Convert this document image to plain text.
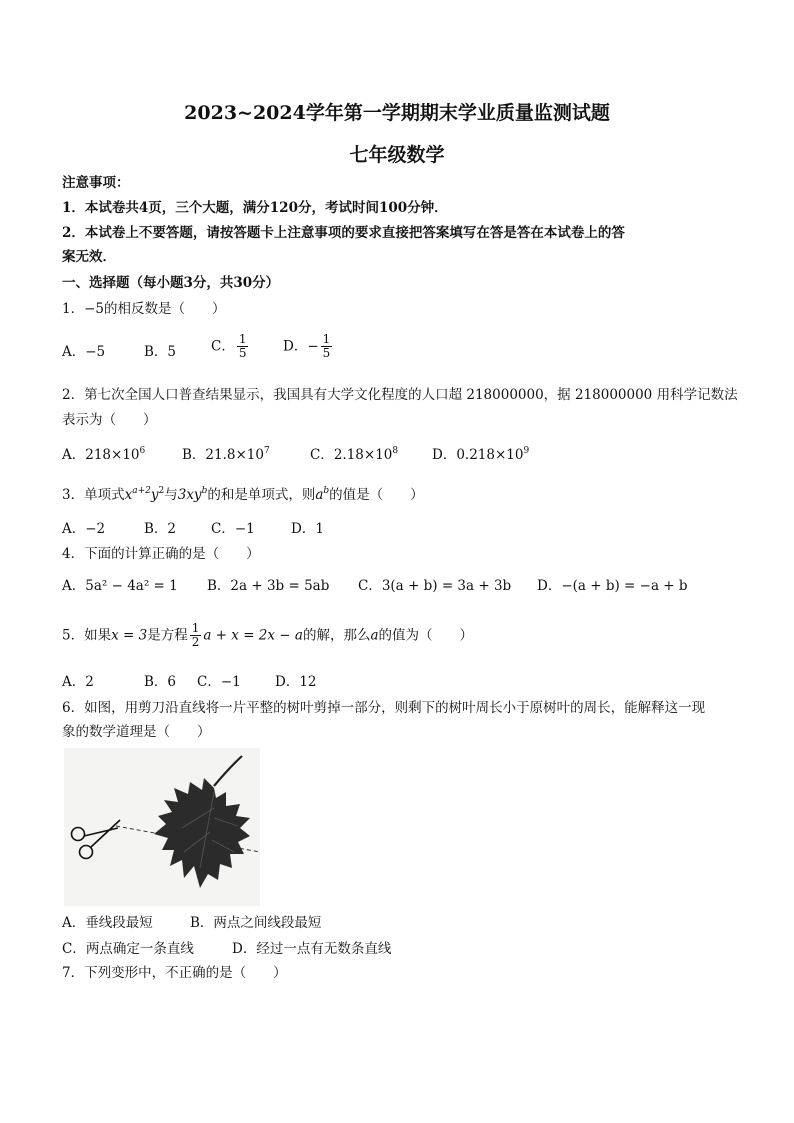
2023~2024学年第一学期期末学业质量监测试题
七年级数学
注意事项：
1．本试卷共4页，三个大题，满分120分，考试时间100分钟．
2．本试卷上不要答题，请按答题卡上注意事项的要求直接把答案填写在答是答在本试卷上的答
案无效．
一、选择题（每小题3分，共30分）
1．−5的相反数是（　　）
A．−5	B．5	C． $\frac{1}{5}$	D．− $\frac{1}{5}$
2．第七次全国人口普查结果显示，我国具有大学文化程度的人口超 218000000，据 218000000 用科学记数法
表示为（　　）
A．$218\times 10^6$	B．$21.8\times 10^7$	C．$2.18\times 10^8$	D．$0.218\times 10^9$
3．单项式$x^{a+2}y^2$与$3xy^b$的和是单项式，则$a^b$的值是（　　）
A．−2	B．2	C．−1	D．1
4．下面的计算正确的是（　　）
A．5a² − 4a² = 1 B．2a + 3b = 5ab C．3(a + b) = 3a + 3b D．−(a + b) = −a + b
5．如果x = 3是方程 $\frac{1}{2}$ a + x = 2x − a的解，那么a的值为（　　）
A．2	B．6 C．−1	D．12
6．如图，用剪刀沿直线将一片平整的树叶剪掉一部分，则剩下的树叶周长小于原树叶的周长，能解释这一现
象的数学道理是（　　）
A．垂线段最短	B．两点之间线段最短
C．两点确定一条直线	D．经过一点有无数条直线
7．下列变形中，不正确的是（　　）
